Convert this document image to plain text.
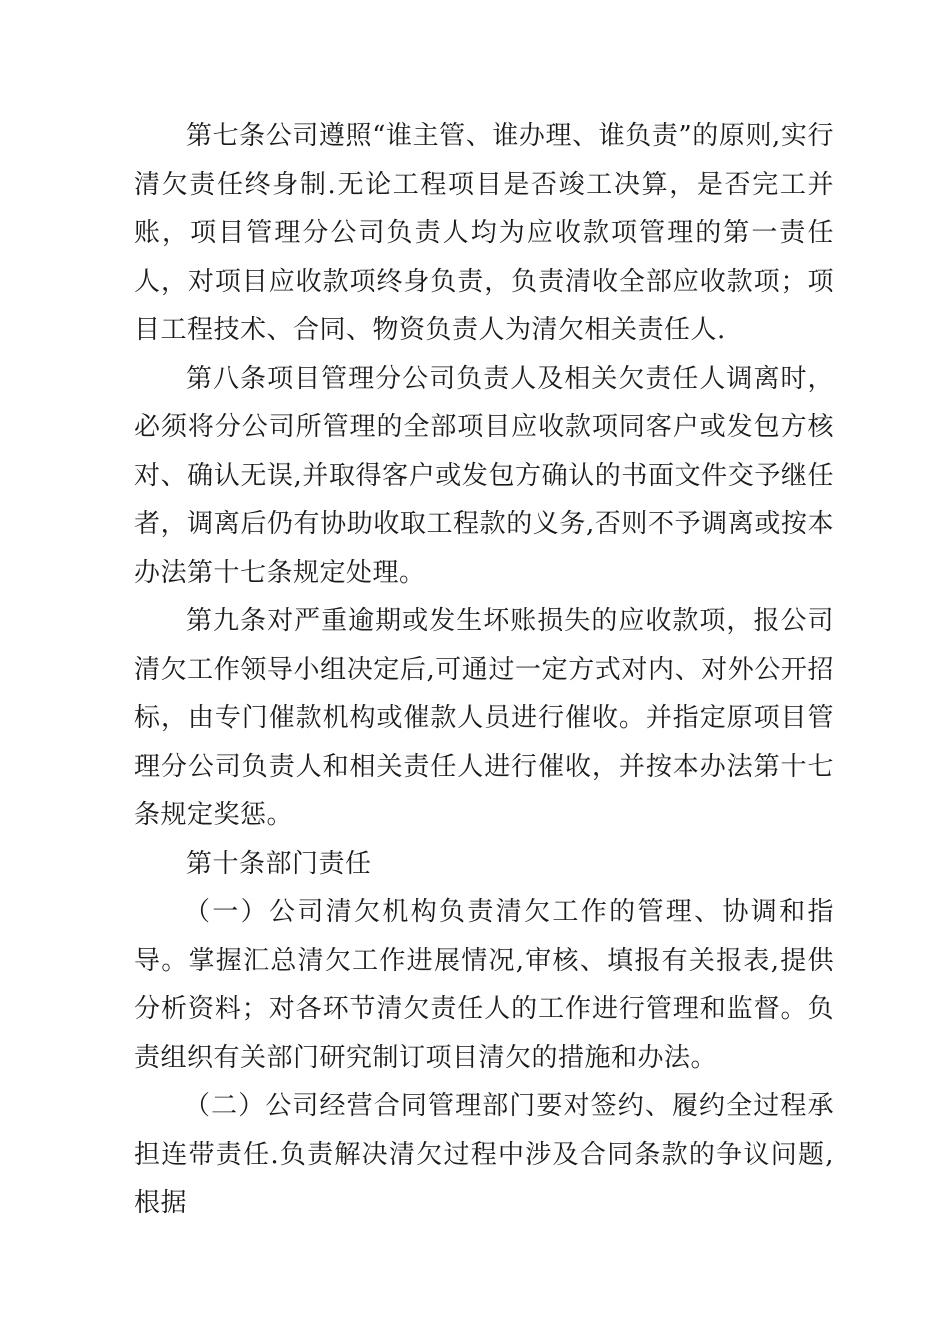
第七条公司遵照“谁主管、谁办理、谁负责”的原则,实行清欠责任终身制.无论工程项目是否竣工决算，是否完工并账，项目管理分公司负责人均为应收款项管理的第一责任人，对项目应收款项终身负责，负责清收全部应收款项；项目工程技术、合同、物资负责人为清欠相关责任人.

第八条项目管理分公司负责人及相关欠责任人调离时，必须将分公司所管理的全部项目应收款项同客户或发包方核对、确认无误,并取得客户或发包方确认的书面文件交予继任者，调离后仍有协助收取工程款的义务,否则不予调离或按本办法第十七条规定处理。

第九条对严重逾期或发生坏账损失的应收款项，报公司清欠工作领导小组决定后,可通过一定方式对内、对外公开招标，由专门催款机构或催款人员进行催收。并指定原项目管理分公司负责人和相关责任人进行催收，并按本办法第十七条规定奖惩。

第十条部门责任

（一）公司清欠机构负责清欠工作的管理、协调和指导。掌握汇总清欠工作进展情况,审核、填报有关报表,提供分析资料；对各环节清欠责任人的工作进行管理和监督。负责组织有关部门研究制订项目清欠的措施和办法。

（二）公司经营合同管理部门要对签约、履约全过程承担连带责任.负责解决清欠过程中涉及合同条款的争议问题,根据
